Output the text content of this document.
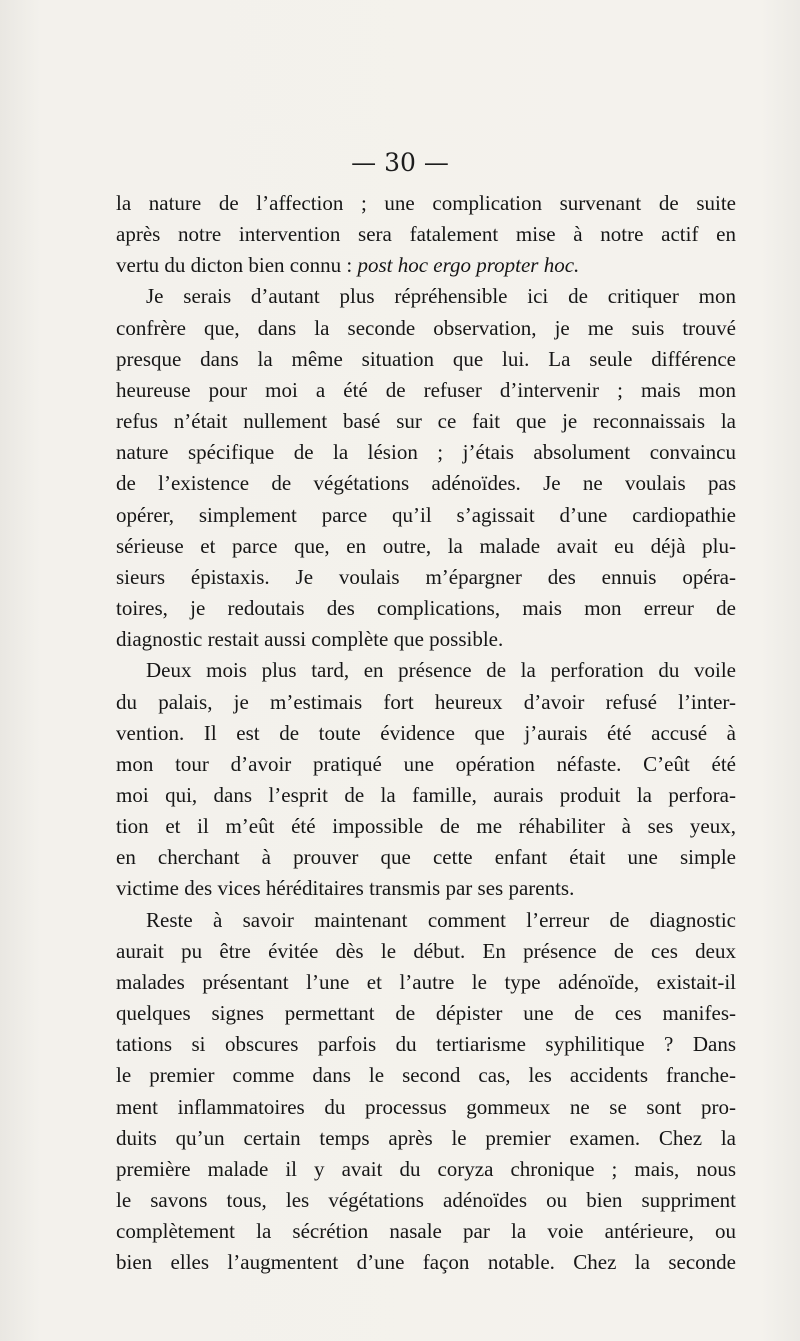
— 30 —
la nature de l’affection ; une complication survenant de suite
après notre intervention sera fatalement mise à notre actif en
vertu du dicton bien connu : post hoc ergo propter hoc.
Je serais d’autant plus répréhensible ici de critiquer mon
confrère que, dans la seconde observation, je me suis trouvé
presque dans la même situation que lui. La seule différence
heureuse pour moi a été de refuser d’intervenir ; mais mon
refus n’était nullement basé sur ce fait que je reconnaissais la
nature spécifique de la lésion ; j’étais absolument convaincu
de l’existence de végétations adénoïdes. Je ne voulais pas
opérer, simplement parce qu’il s’agissait d’une cardiopathie
sérieuse et parce que, en outre, la malade avait eu déjà plu-
sieurs épistaxis. Je voulais m’épargner des ennuis opéra-
toires, je redoutais des complications, mais mon erreur de
diagnostic restait aussi complète que possible.
Deux mois plus tard, en présence de la perforation du voile
du palais, je m’estimais fort heureux d’avoir refusé l’inter-
vention. Il est de toute évidence que j’aurais été accusé à
mon tour d’avoir pratiqué une opération néfaste. C’eût été
moi qui, dans l’esprit de la famille, aurais produit la perfora-
tion et il m’eût été impossible de me réhabiliter à ses yeux,
en cherchant à prouver que cette enfant était une simple
victime des vices héréditaires transmis par ses parents.
Reste à savoir maintenant comment l’erreur de diagnostic
aurait pu être évitée dès le début. En présence de ces deux
malades présentant l’une et l’autre le type adénoïde, existait-il
quelques signes permettant de dépister une de ces manifes-
tations si obscures parfois du tertiarisme syphilitique ? Dans
le premier comme dans le second cas, les accidents franche-
ment inflammatoires du processus gommeux ne se sont pro-
duits qu’un certain temps après le premier examen. Chez la
première malade il y avait du coryza chronique ; mais, nous
le savons tous, les végétations adénoïdes ou bien suppriment
complètement la sécrétion nasale par la voie antérieure, ou
bien elles l’augmentent d’une façon notable. Chez la seconde
